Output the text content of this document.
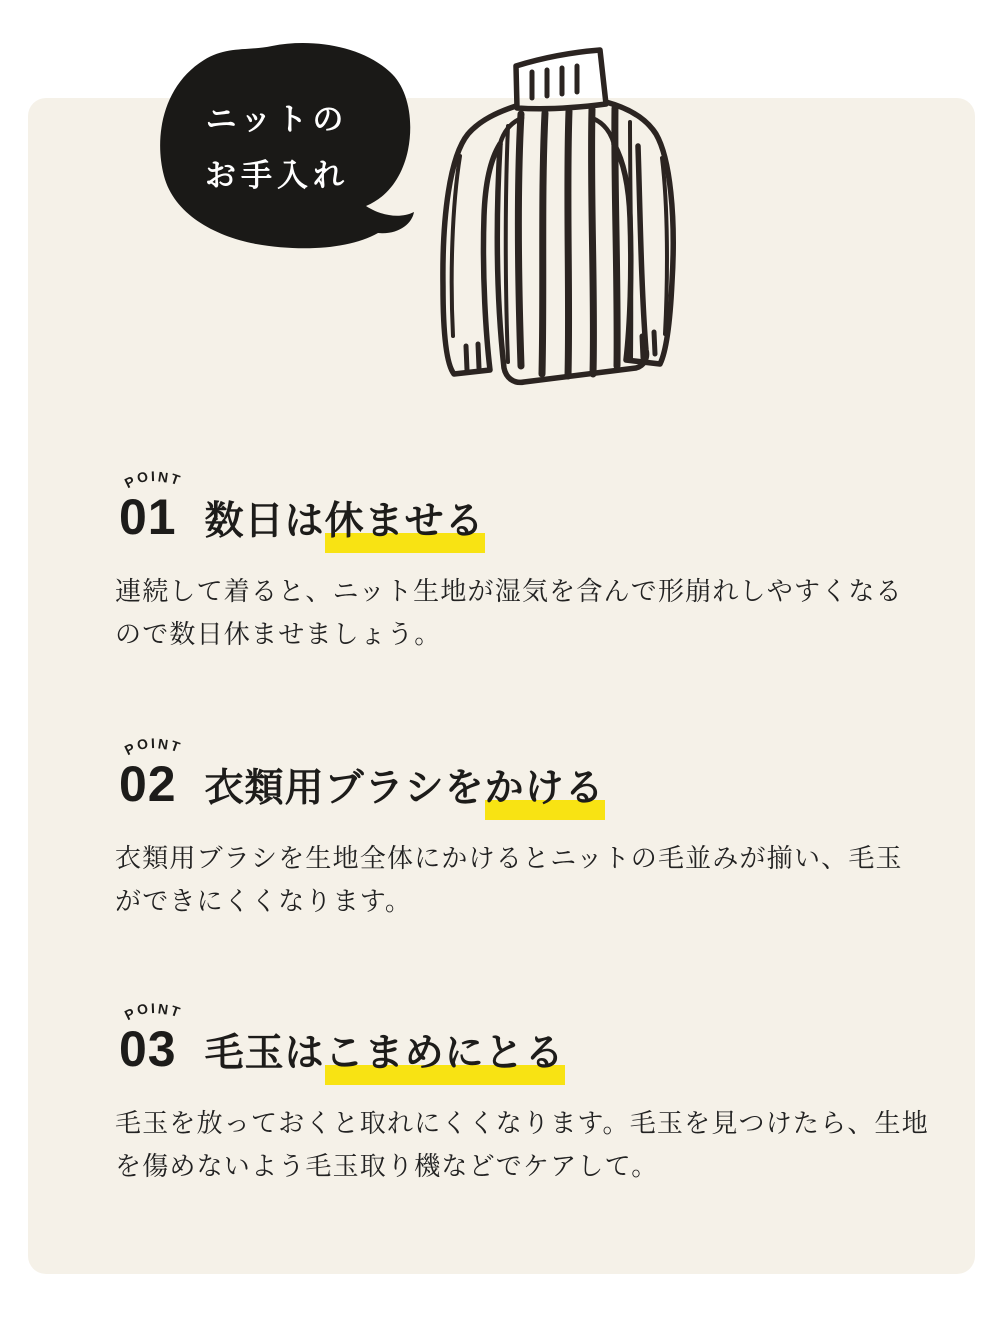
ニットの
お手入れ
POI NT
01 数日は休ませる
連続して着ると、ニット生地が湿気を含んで形崩れしやすくなる
ので数日休ませましょう。
POI NT
02 衣類用ブラシをかける
衣類用ブラシを生地全体にかけるとニットの毛並みが揃い、毛玉
ができにくくなります。
POI NT
03 毛玉はこまめにとる
毛玉を放っておくと取れにくくなります。毛玉を見つけたら、生地
を傷めないよう毛玉取り機などでケアして。
